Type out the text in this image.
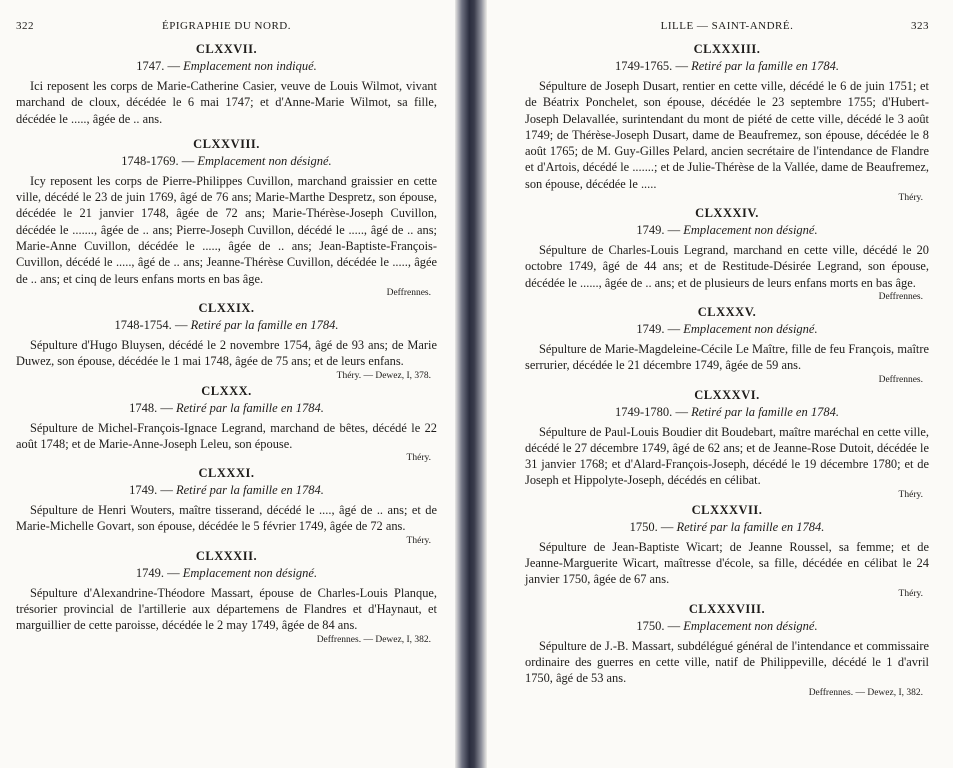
322	ÉPIGRAPHIE DU NORD.
CLXXVII.
1747. — Emplacement non indiqué.

Ici reposent les corps de Marie-Catherine Casier, veuve de Louis Wilmot, vivant marchand de cloux, décédée le 6 mai 1747; et d'Anne-Marie Wilmot, sa fille, décédée le ....., âgée de .. ans.

CLXXVIII.
1748-1769. — Emplacement non désigné.

Icy reposent les corps de Pierre-Philippes Cuvillon, marchand graissier en cette ville, décédé le 23 de juin 1769, âgé de 76 ans; Marie-Marthe Despretz, son épouse, décédée le 21 janvier 1748, âgée de 72 ans; Marie-Thérèse-Joseph Cuvillon, décédée le ......., âgée de .. ans; Pierre-Joseph Cuvillon, décédé le ....., âgé de .. ans; Marie-Anne Cuvillon, décédée le ....., âgée de .. ans; Jean-Baptiste-François-Cuvillon, décédé le ....., âgé de .. ans; Jeanne-Thérèse Cuvillon, décédée le ....., âgée de .. ans; et cinq de leurs enfans morts en bas âge.

Deffrennes.
CLXXIX.
1748-1754. — Retiré par la famille en 1784.

Sépulture d'Hugo Bluysen, décédé le 2 novembre 1754, âgé de 93 ans; de Marie Duwez, son épouse, décédée le 1 mai 1748, âgée de 75 ans; et de leurs enfans.

Théry. — Dewez, I, 378.
CLXXX.
1748. — Retiré par la famille en 1784.

Sépulture de Michel-François-Ignace Legrand, marchand de bêtes, décédé le 22 août 1748; et de Marie-Anne-Joseph Leleu, son épouse.

Théry.
CLXXXI.
1749. — Retiré par la famille en 1784.

Sépulture de Henri Wouters, maître tisserand, décédé le ...., âgé de .. ans; et de Marie-Michelle Govart, son épouse, décédée le 5 février 1749, âgée de 72 ans.

Théry.
CLXXXII.
1749. — Emplacement non désigné.

Sépulture d'Alexandrine-Théodore Massart, épouse de Charles-Louis Planque, trésorier provincial de l'artillerie aux départemens de Flandres et d'Haynaut, et marguillier de cette paroisse, décédée le 2 may 1749, âgée de 84 ans.

Deffrennes. — Dewez, I, 382.
LILLE — SAINT-ANDRÉ.	323
CLXXXIII.
1749-1765. — Retiré par la famille en 1784.

Sépulture de Joseph Dusart, rentier en cette ville, décédé le 6 de juin 1751; et de Béatrix Ponchelet, son épouse, décédée le 23 septembre 1755; d'Hubert-Joseph Delavallée, surintendant du mont de piété de cette ville, décédé le 3 août 1749; de Thérèse-Joseph Dusart, dame de Beaufremez, son épouse, décédée le 8 août 1765; de M. Guy-Gilles Pelard, ancien secrétaire de l'intendance de Flandre et d'Artois, décédé le .......; et de Julie-Thérèse de la Vallée, dame de Beaufremez, son épouse, décédée le .....

Théry.
CLXXXIV.
1749. — Emplacement non désigné.

Sépulture de Charles-Louis Legrand, marchand en cette ville, décédé le 20 octobre 1749, âgé de 44 ans; et de Restitude-Désirée Legrand, son épouse, décédée le ......, âgée de .. ans; et de plusieurs de leurs enfans morts en bas âge.

Deffrennes.
CLXXXV.
1749. — Emplacement non désigné.

Sépulture de Marie-Magdeleine-Cécile Le Maître, fille de feu François, maître serrurier, décédée le 21 décembre 1749, âgée de 59 ans.

Deffrennes.
CLXXXVI.
1749-1780. — Retiré par la famille en 1784.

Sépulture de Paul-Louis Boudier dit Boudebart, maître maréchal en cette ville, décédé le 27 décembre 1749, âgé de 62 ans; et de Jeanne-Rose Dutoit, décédée le 31 janvier 1768; et d'Alard-François-Joseph, décédé le 19 décembre 1780; et de Joseph et Hippolyte-Joseph, décédés en célibat.

Théry.
CLXXXVII.
1750. — Retiré par la famille en 1784.

Sépulture de Jean-Baptiste Wicart; de Jeanne Roussel, sa femme; et de Jeanne-Marguerite Wicart, maîtresse d'école, sa fille, décédée en célibat le 24 janvier 1750, âgée de 67 ans.

Théry.
CLXXXVIII.
1750. — Emplacement non désigné.

Sépulture de J.-B. Massart, subdélégué général de l'intendance et commissaire ordinaire des guerres en cette ville, natif de Philippeville, décédé le 1 d'avril 1750, âgé de 53 ans.

Deffrennes. — Dewez, I, 382.
